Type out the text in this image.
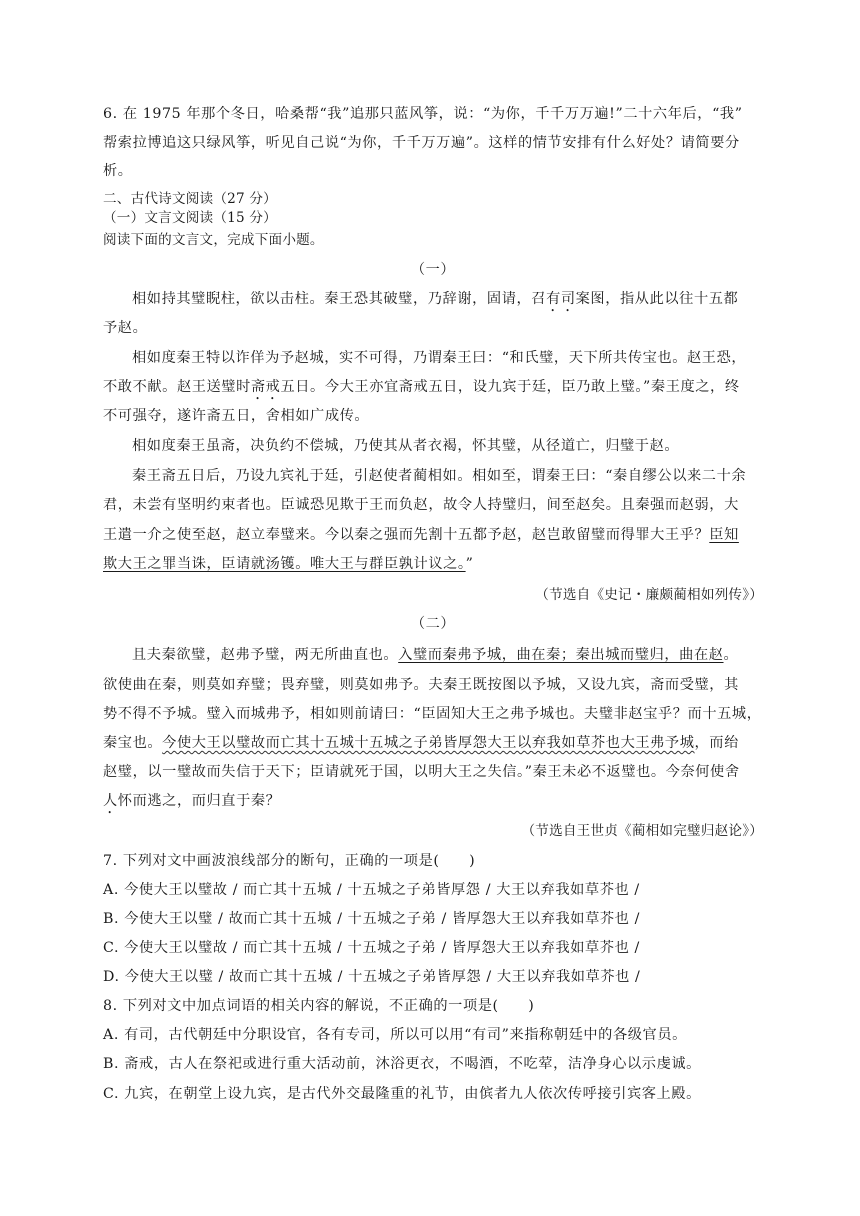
6. 在 1975 年那个冬日，哈桑帮“我”追那只蓝风筝，说：“为你，千千万万遍!”二十六年后，“我”
帮索拉博追这只绿风筝，听见自己说“为你，千千万万遍”。这样的情节安排有什么好处？请简要分
析。
二、古代诗文阅读（27 分）
（一）文言文阅读（15 分）
阅读下面的文言文，完成下面小题。
（一）
相如持其璧睨柱，欲以击柱。秦王恐其破璧，乃辞谢，固请，召有司案图，指从此以往十五都
予赵。
相如度秦王特以诈佯为予赵城，实不可得，乃谓秦王曰：“和氏璧，天下所共传宝也。赵王恐，
不敢不献。赵王送璧时斋戒五日。今大王亦宜斋戒五日，设九宾于廷，臣乃敢上璧。”秦王度之，终
不可强夺，遂许斋五日，舍相如广成传。
相如度秦王虽斋，决负约不偿城，乃使其从者衣褐，怀其璧，从径道亡，归璧于赵。
秦王斋五日后，乃设九宾礼于廷，引赵使者蔺相如。相如至，谓秦王曰：“秦自缪公以来二十余
君，未尝有坚明约束者也。臣诚恐见欺于王而负赵，故令人持璧归，间至赵矣。且秦强而赵弱，大
王遣一介之使至赵，赵立奉璧来。今以秦之强而先割十五都予赵，赵岂敢留璧而得罪大王乎？臣知
欺大王之罪当诛，臣请就汤镬。唯大王与群臣孰计议之。”
（节选自《史记・廉颇蔺相如列传》）
（二）
且夫秦欲璧，赵弗予璧，两无所曲直也。入璧而秦弗予城，曲在秦；秦出城而璧归，曲在赵。
欲使曲在秦，则莫如弃璧；畏弃璧，则莫如弗予。夫秦王既按图以予城，又设九宾，斋而受璧，其
势不得不予城。璧入而城弗予，相如则前请曰：“臣固知大王之弗予城也。夫璧非赵宝乎？而十五城，
秦宝也。今使大王以璧故而亡其十五城十五城之子弟皆厚怨大王以弃我如草芥也大王弗予城，而绐
赵璧，以一璧故而失信于天下；臣请就死于国，以明大王之失信。”秦王未必不返璧也。今奈何使舍
人怀而逃之，而归直于秦？
（节选自王世贞《蔺相如完璧归赵论》）
7. 下列对文中画波浪线部分的断句，正确的一项是(　　)
A. 今使大王以璧故 / 而亡其十五城 / 十五城之子弟皆厚怨 / 大王以弃我如草芥也 /
B. 今使大王以璧 / 故而亡其十五城 / 十五城之子弟 / 皆厚怨大王以弃我如草芥也 /
C. 今使大王以璧故 / 而亡其十五城 / 十五城之子弟 / 皆厚怨大王以弃我如草芥也 /
D. 今使大王以璧 / 故而亡其十五城 / 十五城之子弟皆厚怨 / 大王以弃我如草芥也 /
8. 下列对文中加点词语的相关内容的解说，不正确的一项是(　　)
A. 有司，古代朝廷中分职设官，各有专司，所以可以用“有司”来指称朝廷中的各级官员。
B. 斋戒，古人在祭祀或进行重大活动前，沐浴更衣，不喝酒，不吃荤，洁净身心以示虔诚。
C. 九宾，在朝堂上设九宾，是古代外交最隆重的礼节，由傧者九人依次传呼接引宾客上殿。
